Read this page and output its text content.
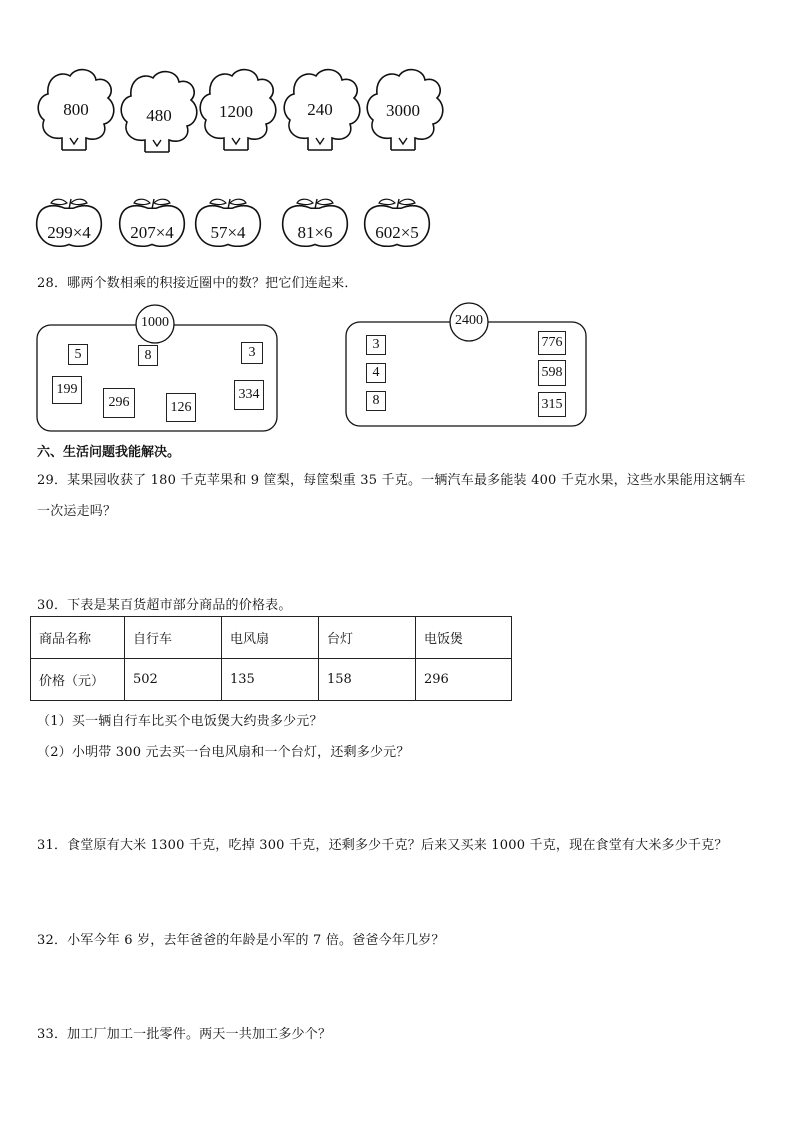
800	480	1200	240	3000
299×4	207×4	57×4	81×6	602×5
28．哪两个数相乘的积接近圈中的数？把它们连起来．
1000	2400
5	8	3
199
296	126
334
3
4
8
776
598
315
六、生活问题我能解决。
29．某果园收获了 180 千克苹果和 9 筐梨，每筐梨重 35 千克。一辆汽车最多能装 400 千克水果，这些水果能用这辆车
一次运走吗？
30．下表是某百货超市部分商品的价格表。
商品名称	自行车	电风扇	台灯	电饭煲
价格（元）	502	135	158	296
（1）买一辆自行车比买个电饭煲大约贵多少元？
（2）小明带 300 元去买一台电风扇和一个台灯，还剩多少元？
31．食堂原有大米 1300 千克，吃掉 300 千克，还剩多少千克？后来又买来 1000 千克，现在食堂有大米多少千克？
32．小军今年 6 岁，去年爸爸的年龄是小军的 7 倍。爸爸今年几岁？
33．加工厂加工一批零件。两天一共加工多少个？
